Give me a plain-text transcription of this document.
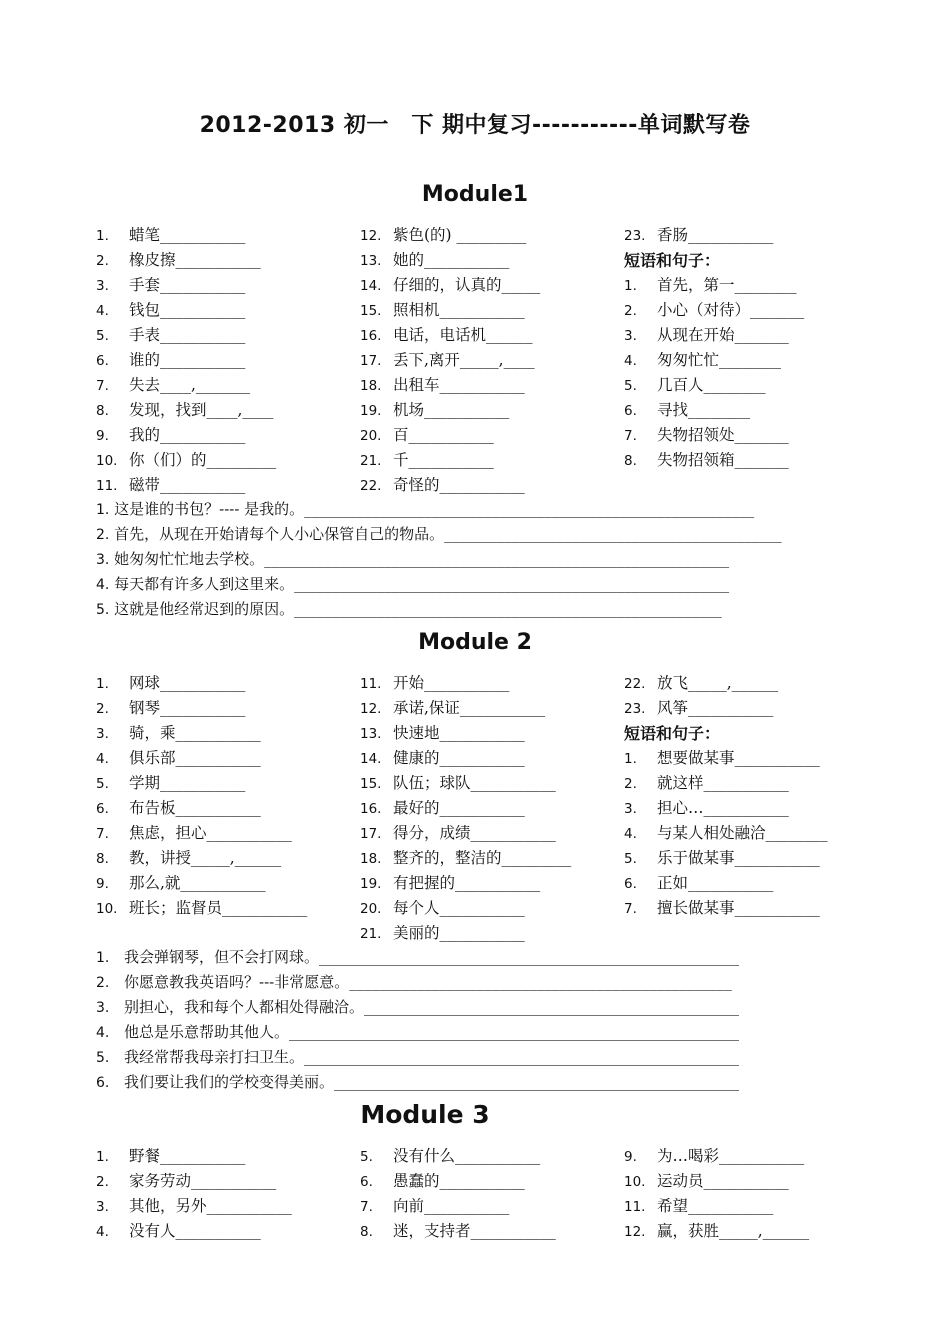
2012-2013 初一　下 期中复习-----------单词默写卷
Module1
1. 蜡笔___________
2. 橡皮擦___________
3. 手套___________
4. 钱包___________
5. 手表___________
6. 谁的___________
7. 失去____,_______
8. 发现，找到____,____
9. 我的___________
10. 你（们）的_________
11. 磁带___________
12. 紫色(的) _________
13. 她的___________
14. 仔细的，认真的_____
15. 照相机___________
16. 电话，电话机______
17. 丢下,离开_____,____
18. 出租车___________
19. 机场___________
20. 百___________
21. 千___________
22. 奇怪的___________
23. 香肠___________
短语和句子：
1. 首先，第一________
2. 小心（对待）_______
3. 从现在开始_______
4. 匆匆忙忙________
5. 几百人________
6. 寻找________
7. 失物招领处_______
8. 失物招领箱_______
1. 这是谁的书包？---- 是我的。____________________________________________________________
2. 首先，从现在开始请每个人小心保管自己的物品。_____________________________________________
3. 她匆匆忙忙地去学校。______________________________________________________________
4. 每天都有许多人到这里来。__________________________________________________________
5. 这就是他经常迟到的原因。_________________________________________________________
Module 2
1. 网球___________
2. 钢琴___________
3. 骑，乘___________
4. 俱乐部___________
5. 学期___________
6. 布告板___________
7. 焦虑，担心___________
8. 教，讲授_____,______
9. 那么,就___________
10. 班长；监督员___________
11. 开始___________
12. 承诺,保证___________
13. 快速地___________
14. 健康的___________
15. 队伍；球队___________
16. 最好的___________
17. 得分，成绩___________
18. 整齐的，整洁的_________
19. 有把握的___________
20. 每个人___________
21. 美丽的___________
22. 放飞_____,______
23. 风筝___________
短语和句子：
1. 想要做某事___________
2. 就这样___________
3. 担心…___________
4. 与某人相处融洽________
5. 乐于做某事___________
6. 正如___________
7. 擅长做某事___________
1. 我会弹钢琴，但不会打网球。________________________________________________________
2. 你愿意教我英语吗？---非常愿意。___________________________________________________
3. 别担心，我和每个人都相处得融洽。__________________________________________________
4. 他总是乐意帮助其他人。____________________________________________________________
5. 我经常帮我母亲打扫卫生。__________________________________________________________
6. 我们要让我们的学校变得美丽。______________________________________________________
Module 3
1. 野餐___________
2. 家务劳动___________
3. 其他，另外___________
4. 没有人___________
5. 没有什么___________
6. 愚蠢的___________
7. 向前___________
8. 迷，支持者___________
9. 为…喝彩___________
10. 运动员___________
11. 希望___________
12. 赢，获胜_____,______
